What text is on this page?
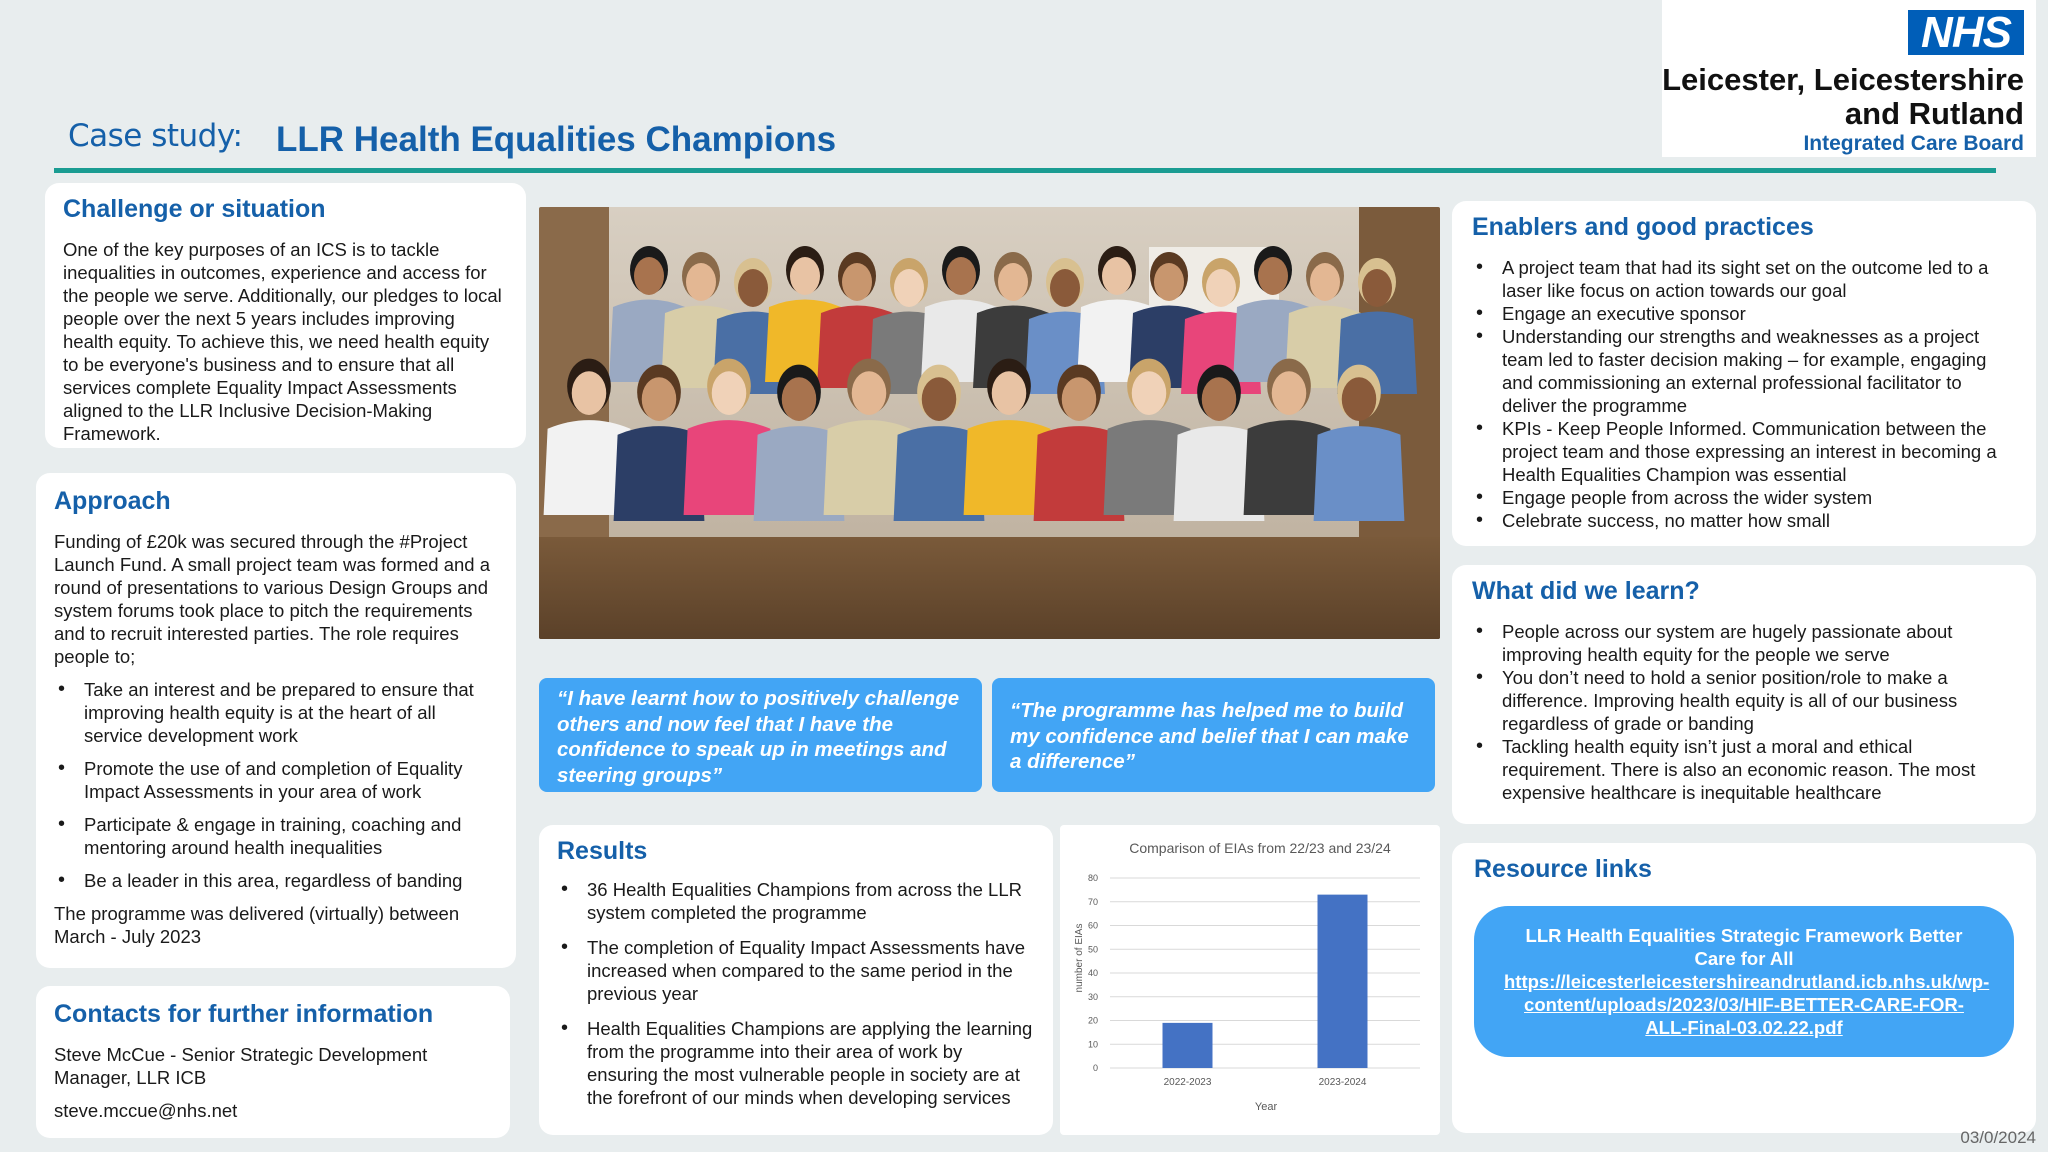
Case study: LLR Health Equalities Champions
NHS
Leicester, Leicestershire
and Rutland
Integrated Care Board
Challenge or situation

One of the key purposes of an ICS is to tackle inequalities in outcomes, experience and access for the people we serve. Additionally, our pledges to local people over the next 5 years includes improving health equity. To achieve this, we need health equity to be everyone's business and to ensure that all services complete Equality Impact Assessments aligned to the LLR Inclusive Decision-Making Framework.

Approach

Funding of £20k was secured through the #Project Launch Fund. A small project team was formed and a round of presentations to various Design Groups and system forums took place to pitch the requirements and to recruit interested parties. The role requires people to;

• Take an interest and be prepared to ensure that improving health equity is at the heart of all service development work
• Promote the use of and completion of Equality Impact Assessments in your area of work
• Participate & engage in training, coaching and mentoring around health inequalities
• Be a leader in this area, regardless of banding

The programme was delivered (virtually) between March - July 2023

Contacts for further information

Steve McCue - Senior Strategic Development Manager, LLR ICB

steve.mccue@nhs.net

“I have learnt how to positively challenge others and now feel that I have the confidence to speak up in meetings and steering groups”
“The programme has helped me to build my confidence and belief that I can make a difference”
Results
• 36 Health Equalities Champions from across the LLR system completed the programme
• The completion of Equality Impact Assessments have increased when compared to the same period in the previous year
• Health Equalities Champions are applying the learning from the programme into their area of work by ensuring the most vulnerable people in society are at the forefront of our minds when developing services
Comparison of EIAs from 22/23 and 23/24
0
10
20
30
40
50
60
70
80
2022-2023	2023-2024
Year
number of EIAs
Enablers and good practices
• A project team that had its sight set on the outcome led to a laser like focus on action towards our goal
• Engage an executive sponsor
• Understanding our strengths and weaknesses as a project team led to faster decision making – for example, engaging and commissioning an external professional facilitator to deliver the programme
• KPIs - Keep People Informed. Communication between the project team and those expressing an interest in becoming a Health Equalities Champion was essential
• Engage people from across the wider system
• Celebrate success, no matter how small
What did we learn?
• People across our system are hugely passionate about improving health equity for the people we serve
• You don’t need to hold a senior position/role to make a difference. Improving health equity is all of our business regardless of grade or banding
• Tackling health equity isn’t just a moral and ethical requirement. There is also an economic reason. The most expensive healthcare is inequitable healthcare
Resource links
LLR Health Equalities Strategic Framework Better Care for All
https://leicesterleicestershireandrutland.icb.nhs.uk/wp-content/uploads/2023/03/HIF-BETTER-CARE-FOR-ALL-Final-03.02.22.pdf
03/0/2024
